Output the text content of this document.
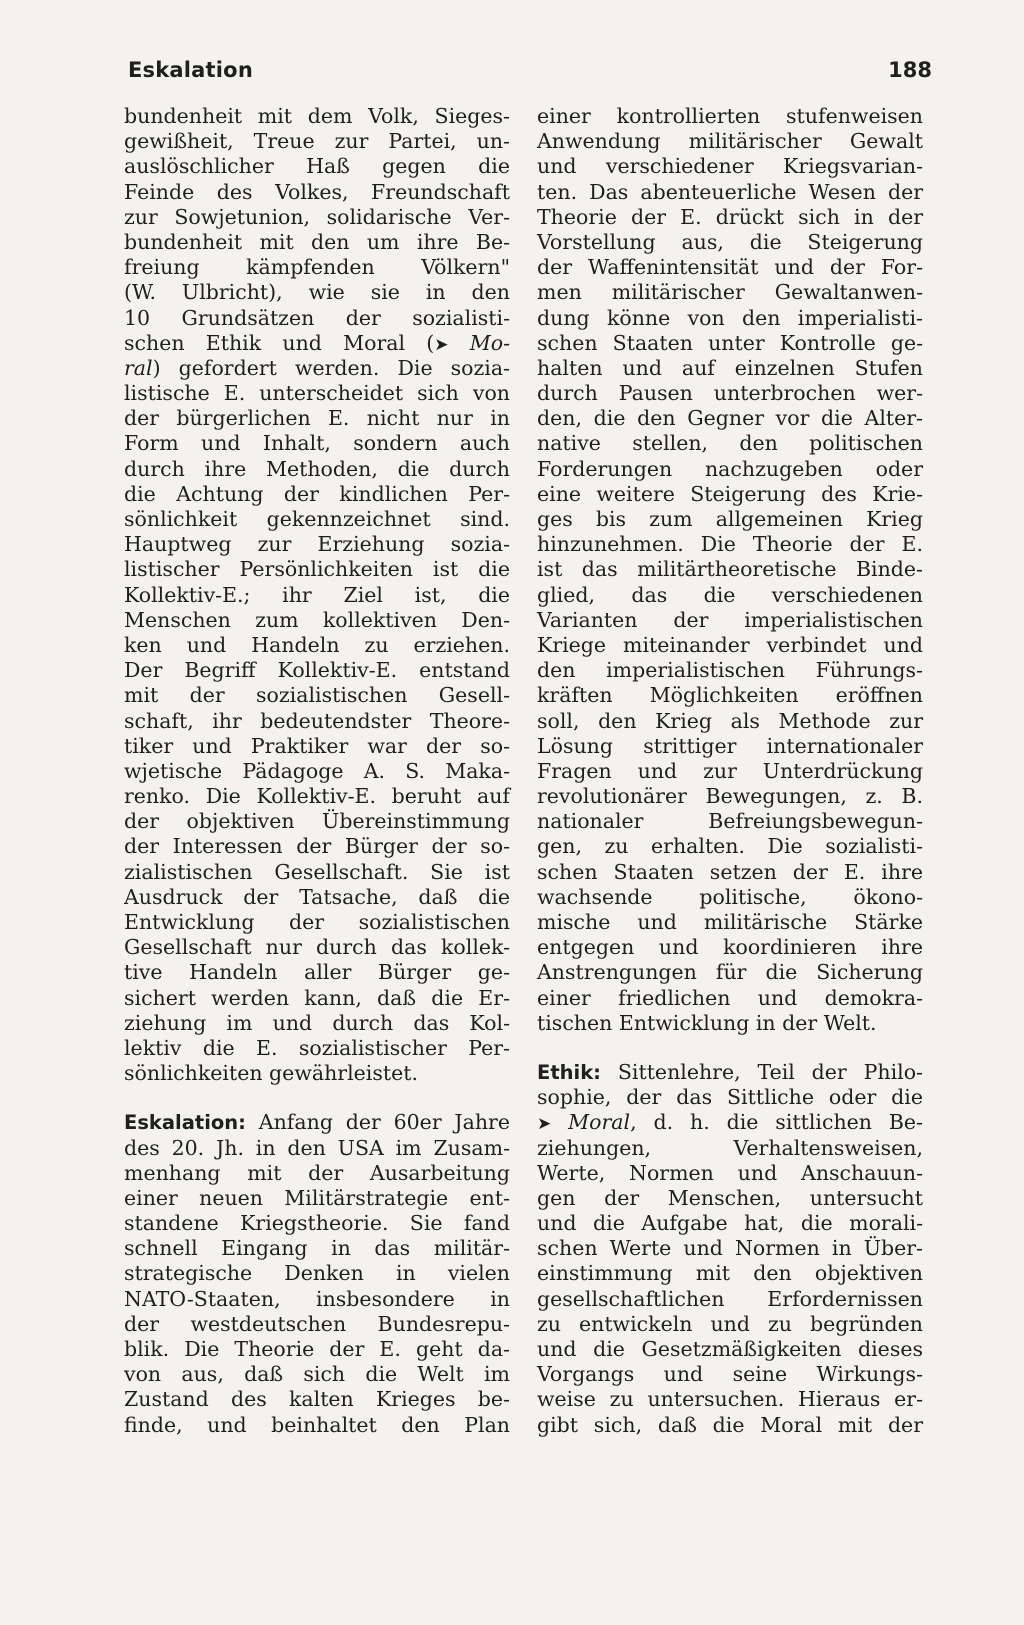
Eskalation	188
bundenheit mit dem Volk, Sieges-
gewißheit, Treue zur Partei, un-
auslöschlicher Haß gegen die
Feinde des Volkes, Freundschaft
zur Sowjetunion, solidarische Ver-
bundenheit mit den um ihre Be-
freiung kämpfenden Völkern"
(W. Ulbricht), wie sie in den
10 Grundsätzen der sozialisti-
schen Ethik und Moral (➤ Mo-
ral) gefordert werden. Die sozia-
listische E. unterscheidet sich von
der bürgerlichen E. nicht nur in
Form und Inhalt, sondern auch
durch ihre Methoden, die durch
die Achtung der kindlichen Per-
sönlichkeit gekennzeichnet sind.
Hauptweg zur Erziehung sozia-
listischer Persönlichkeiten ist die
Kollektiv-E.; ihr Ziel ist, die
Menschen zum kollektiven Den-
ken und Handeln zu erziehen.
Der Begriff Kollektiv-E. entstand
mit der sozialistischen Gesell-
schaft, ihr bedeutendster Theore-
tiker und Praktiker war der so-
wjetische Pädagoge A. S. Maka-
renko. Die Kollektiv-E. beruht auf
der objektiven Übereinstimmung
der Interessen der Bürger der so-
zialistischen Gesellschaft. Sie ist
Ausdruck der Tatsache, daß die
Entwicklung der sozialistischen
Gesellschaft nur durch das kollek-
tive Handeln aller Bürger ge-
sichert werden kann, daß die Er-
ziehung im und durch das Kol-
lektiv die E. sozialistischer Per-
sönlichkeiten gewährleistet.
Eskalation: Anfang der 60er Jahre
des 20. Jh. in den USA im Zusam-
menhang mit der Ausarbeitung
einer neuen Militärstrategie ent-
standene Kriegstheorie. Sie fand
schnell Eingang in das militär-
strategische Denken in vielen
NATO-Staaten, insbesondere in
der westdeutschen Bundesrepu-
blik. Die Theorie der E. geht da-
von aus, daß sich die Welt im
Zustand des kalten Krieges be-
finde, und beinhaltet den Plan
einer kontrollierten stufenweisen
Anwendung militärischer Gewalt
und verschiedener Kriegsvarian-
ten. Das abenteuerliche Wesen der
Theorie der E. drückt sich in der
Vorstellung aus, die Steigerung
der Waffenintensität und der For-
men militärischer Gewaltanwen-
dung könne von den imperialisti-
schen Staaten unter Kontrolle ge-
halten und auf einzelnen Stufen
durch Pausen unterbrochen wer-
den, die den Gegner vor die Alter-
native stellen, den politischen
Forderungen nachzugeben oder
eine weitere Steigerung des Krie-
ges bis zum allgemeinen Krieg
hinzunehmen. Die Theorie der E.
ist das militärtheoretische Binde-
glied, das die verschiedenen
Varianten der imperialistischen
Kriege miteinander verbindet und
den imperialistischen Führungs-
kräften Möglichkeiten eröffnen
soll, den Krieg als Methode zur
Lösung strittiger internationaler
Fragen und zur Unterdrückung
revolutionärer Bewegungen, z. B.
nationaler Befreiungsbewegun-
gen, zu erhalten. Die sozialisti-
schen Staaten setzen der E. ihre
wachsende politische, ökono-
mische und militärische Stärke
entgegen und koordinieren ihre
Anstrengungen für die Sicherung
einer friedlichen und demokra-
tischen Entwicklung in der Welt.
Ethik: Sittenlehre, Teil der Philo-
sophie, der das Sittliche oder die
➤ Moral, d. h. die sittlichen Be-
ziehungen, Verhaltensweisen,
Werte, Normen und Anschauun-
gen der Menschen, untersucht
und die Aufgabe hat, die morali-
schen Werte und Normen in Über-
einstimmung mit den objektiven
gesellschaftlichen Erfordernissen
zu entwickeln und zu begründen
und die Gesetzmäßigkeiten dieses
Vorgangs und seine Wirkungs-
weise zu untersuchen. Hieraus er-
gibt sich, daß die Moral mit der
